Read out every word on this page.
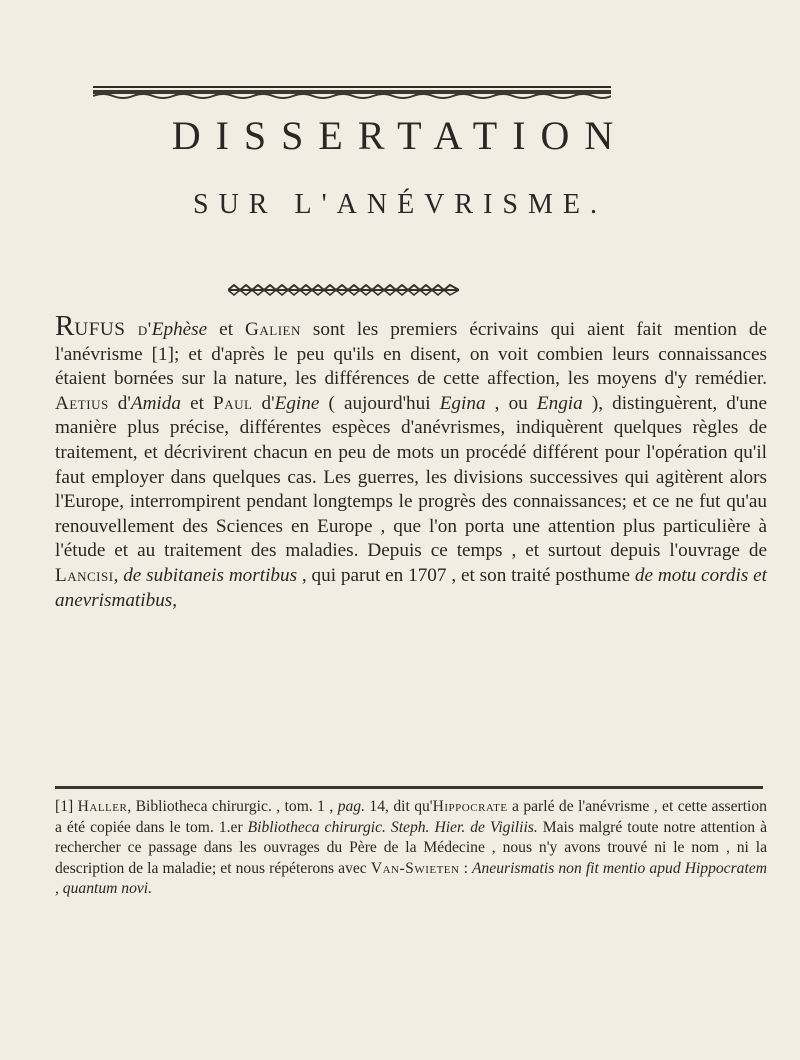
DISSERTATION
SUR L'ANÉVRISME.

RUFUS d'Ephèse et Galien sont les premiers écrivains qui aient fait mention de l'anévrisme [1]; et d'après le peu qu'ils en disent, on voit combien leurs connaissances étaient bornées sur la nature, les différences de cette affection, les moyens d'y remédier. Aetius d'Amida et Paul d'Egine ( aujourd'hui Egina , ou Engia ), distinguèrent, d'une manière plus précise, différentes espèces d'anévrismes, indiquèrent quelques règles de traitement, et décrivirent chacun en peu de mots un procédé différent pour l'opération qu'il faut employer dans quelques cas. Les guerres, les divisions successives qui agitèrent alors l'Europe, interrompirent pendant longtemps le progrès des connaissances; et ce ne fut qu'au renouvellement des Sciences en Europe , que l'on porta une attention plus particulière à l'étude et au traitement des maladies. Depuis ce temps , et surtout depuis l'ouvrage de Lancisi, de subitaneis mortibus , qui parut en 1707 , et son traité posthume de motu cordis et anevrismatibus,

[1] Haller, Bibliotheca chirurgic. , tom. 1 , pag. 14, dit qu'Hippocrate a parlé de l'anévrisme , et cette assertion a été copiée dans le tom. 1.er Bibliotheca chirurgic. Steph. Hier. de Vigiliis. Mais malgré toute notre attention à rechercher ce passage dans les ouvrages du Père de la Médecine , nous n'y avons trouvé ni le nom , ni la description de la maladie; et nous répéterons avec Van-Swieten : Aneurismatis non fit mentio apud Hippocratem , quantum novi.
